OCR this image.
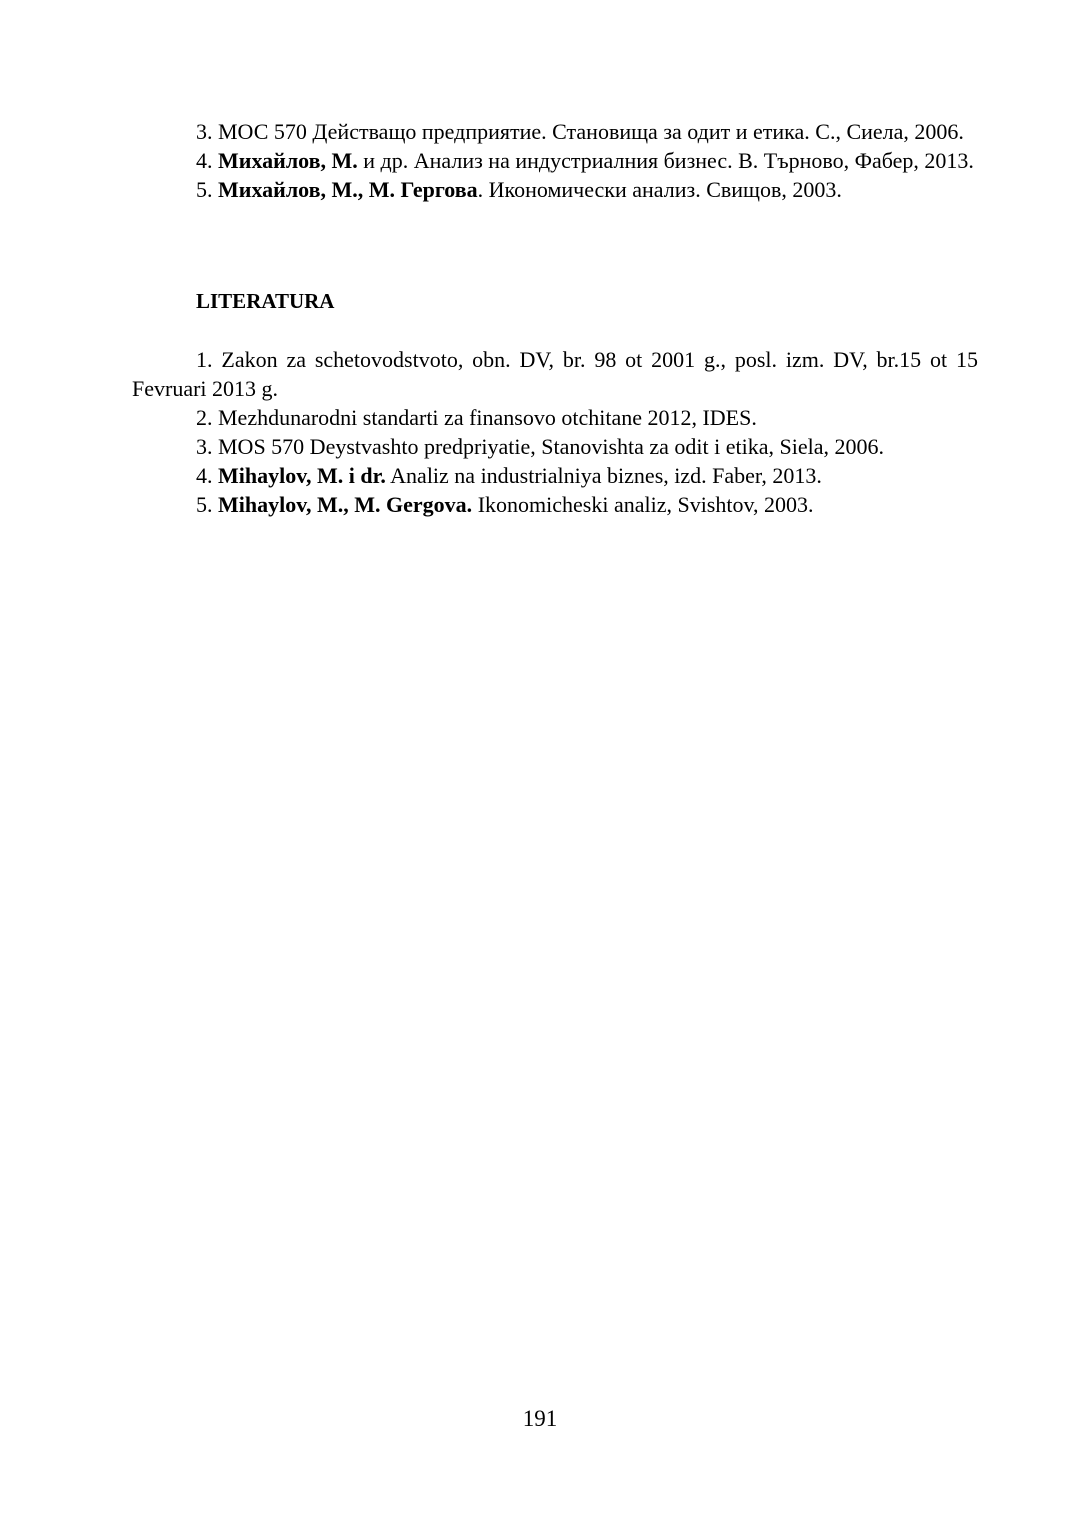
3. МОС 570 Действащо предприятие. Становища за одит и етика. С., Сиела, 2006.

4. Михайлов, М. и др. Анализ на индустриалния бизнес. В. Търново, Фабер, 2013.

5. Михайлов, М., М. Гергова. Икономически анализ. Свищов, 2003.

LITERATURA

1. Zakon za schetovodstvoto, obn. DV, br. 98 ot 2001 g., posl. izm. DV, br.15 ot 15 Fevruari 2013 g.

2. Mezhdunarodni standarti za finansovo otchitane 2012, IDES.

3. MOS 570 Deystvashto predpriyatie, Stanovishta za odit i etika, Siela, 2006.

4. Mihaylov, M. i dr. Analiz na industrialniya biznes, izd. Faber, 2013.

5. Mihaylov, M., M. Gergova. Ikonomicheski analiz, Svishtov, 2003.

191
